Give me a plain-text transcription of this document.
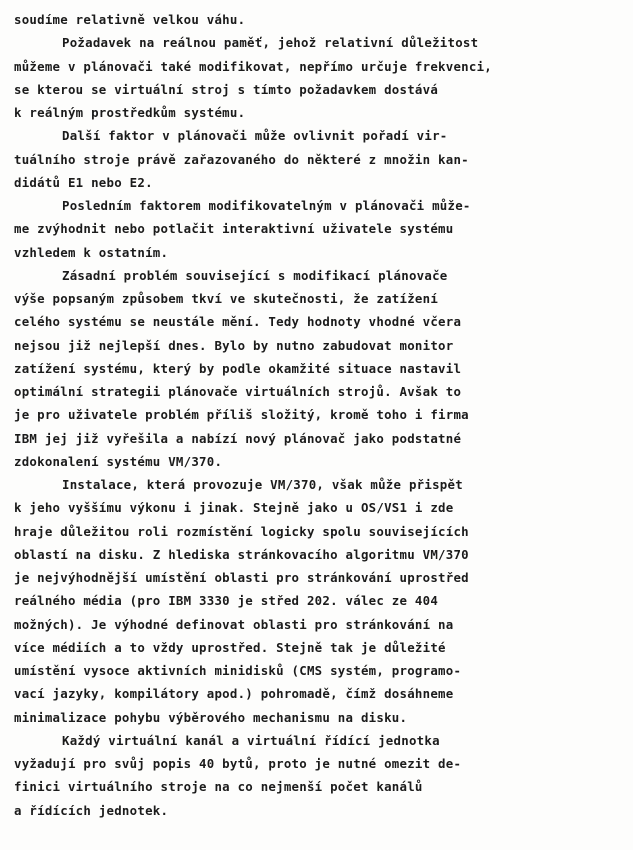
soudíme relativně velkou váhu.
Požadavek na reálnou paměť, jehož relativní důležitost
můžeme v plánovači také modifikovat, nepřímo určuje frekvenci,
se kterou se virtuální stroj s tímto požadavkem dostává
k reálným prostředkům systému.
Další faktor v plánovači může ovlivnit pořadí vir-
tuálního stroje právě zařazovaného do některé z množin kan-
didátů E1 nebo E2.
Posledním faktorem modifikovatelným v plánovači může-
me zvýhodnit nebo potlačit interaktivní uživatele systému
vzhledem k ostatním.
Zásadní problém související s modifikací plánovače
výše popsaným způsobem tkví ve skutečnosti, že zatížení
celého systému se neustále mění. Tedy hodnoty vhodné včera
nejsou již nejlepší dnes. Bylo by nutno zabudovat monitor
zatížení systému, který by podle okamžité situace nastavil
optimální strategii plánovače virtuálních strojů. Avšak to
je pro uživatele problém příliš složitý, kromě toho i firma
IBM jej již vyřešila a nabízí nový plánovač jako podstatné
zdokonalení systému VM/370.
Instalace, která provozuje VM/370, však může přispět
k jeho vyššímu výkonu i jinak. Stejně jako u OS/VS1 i zde
hraje důležitou roli rozmístění logicky spolu souvisejících
oblastí na disku. Z hlediska stránkovacího algoritmu VM/370
je nejvýhodnější umístění oblasti pro stránkování uprostřed
reálného média (pro IBM 3330 je střed 202. válec ze 404
možných). Je výhodné definovat oblasti pro stránkování na
více médiích a to vždy uprostřed. Stejně tak je důležité
umístění vysoce aktivních minidisků (CMS systém, programo-
vací jazyky, kompilátory apod.) pohromadě, čímž dosáhneme
minimalizace pohybu výběrového mechanismu na disku.
Každý virtuální kanál a virtuální řídící jednotka
vyžadují pro svůj popis 40 bytů, proto je nutné omezit de-
finici virtuálního stroje na co nejmenší počet kanálů
a řídících jednotek.
